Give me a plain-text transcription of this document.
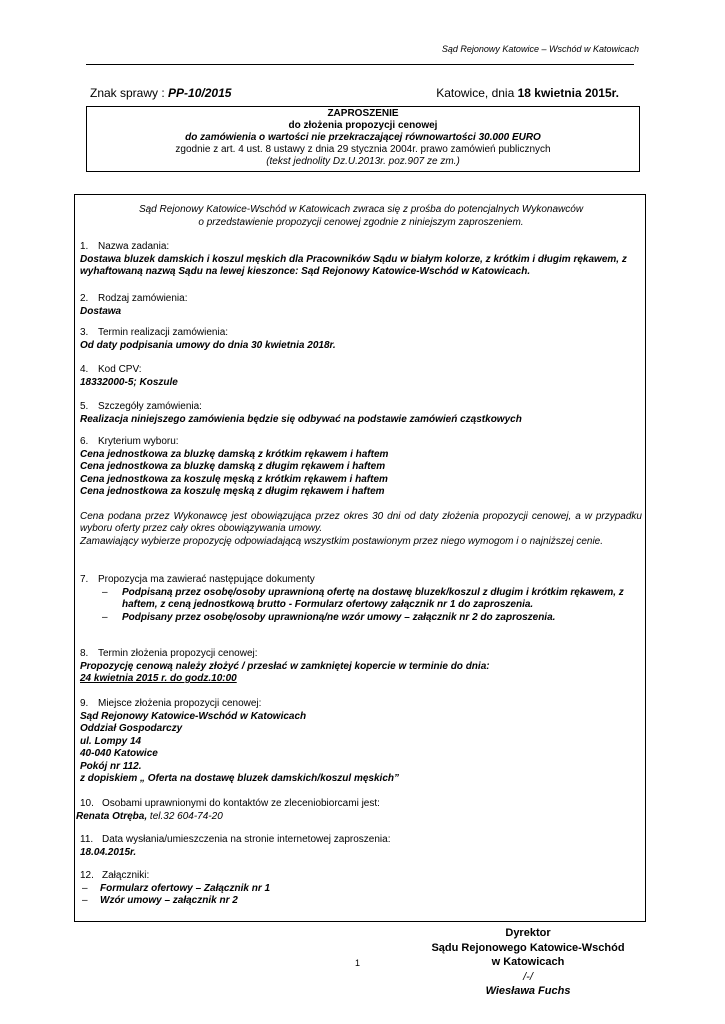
Sąd Rejonowy Katowice – Wschód w Katowicach
Znak sprawy : PP-10/2015	Katowice, dnia 18 kwietnia 2015r.
ZAPROSZENIE
do złożenia propozycji cenowej
do zamówienia o wartości nie przekraczającej równowartości 30.000 EURO
zgodnie z art. 4 ust. 8 ustawy z dnia 29 stycznia 2004r. prawo zamówień publicznych
(tekst jednolity Dz.U.2013r. poz.907 ze zm.)
Sąd Rejonowy Katowice-Wschód w Katowicach zwraca się z prośba do potencjalnych Wykonawców
o przedstawienie propozycji cenowej zgodnie z niniejszym zaproszeniem.
1. Nazwa zadania:
Dostawa bluzek damskich i koszul męskich dla Pracowników Sądu w białym kolorze, z krótkim i długim rękawem, z wyhaftowaną nazwą Sądu na lewej kieszonce: Sąd Rejonowy Katowice-Wschód w Katowicach.
2. Rodzaj zamówienia:
Dostawa
3. Termin realizacji zamówienia:
Od daty podpisania umowy do dnia 30 kwietnia 2018r.
4. Kod CPV:
18332000-5; Koszule
5. Szczegóły zamówienia:
Realizacja niniejszego zamówienia będzie się odbywać na podstawie zamówień cząstkowych
6. Kryterium wyboru:
Cena jednostkowa za bluzkę damską z krótkim rękawem i haftem
Cena jednostkowa za bluzkę damską z długim rękawem i haftem
Cena jednostkowa za koszulę męską z krótkim rękawem i haftem
Cena jednostkowa za koszulę męską z długim rękawem i haftem
Cena podana przez Wykonawcę jest obowiązująca przez okres 30 dni od daty złożenia propozycji cenowej, a w przypadku wyboru oferty przez cały okres obowiązywania umowy.
Zamawiający wybierze propozycję odpowiadającą wszystkim postawionym przez niego wymogom i o najniższej cenie.
7. Propozycja ma zawierać następujące dokumenty
– Podpisaną przez osobę/osoby uprawnioną ofertę na dostawę bluzek/koszul z długim i krótkim rękawem, z haftem, z ceną jednostkową brutto - Formularz ofertowy załącznik nr 1 do zaproszenia.
– Podpisany przez osobę/osoby uprawnioną/ne wzór umowy – załącznik nr 2 do zaproszenia.
8. Termin złożenia propozycji cenowej:
Propozycję cenową należy złożyć / przesłać w zamkniętej kopercie w terminie do dnia:
24 kwietnia 2015 r. do godz.10:00
9. Miejsce złożenia propozycji cenowej:
Sąd Rejonowy Katowice-Wschód w Katowicach
Oddział Gospodarczy
ul. Lompy 14
40-040 Katowice
Pokój nr 112.
z dopiskiem „ Oferta na dostawę bluzek damskich/koszul męskich”
10. Osobami uprawnionymi do kontaktów ze zleceniobiorcami jest:
Renata Otręba, tel.32 604-74-20
11. Data wysłania/umieszczenia na stronie internetowej zaproszenia:
18.04.2015r.
12. Załączniki:
– Formularz ofertowy – Załącznik nr 1
– Wzór umowy – załącznik nr 2
Dyrektor
Sądu Rejonowego Katowice-Wschód
w Katowicach
/-/
Wiesława Fuchs
1
